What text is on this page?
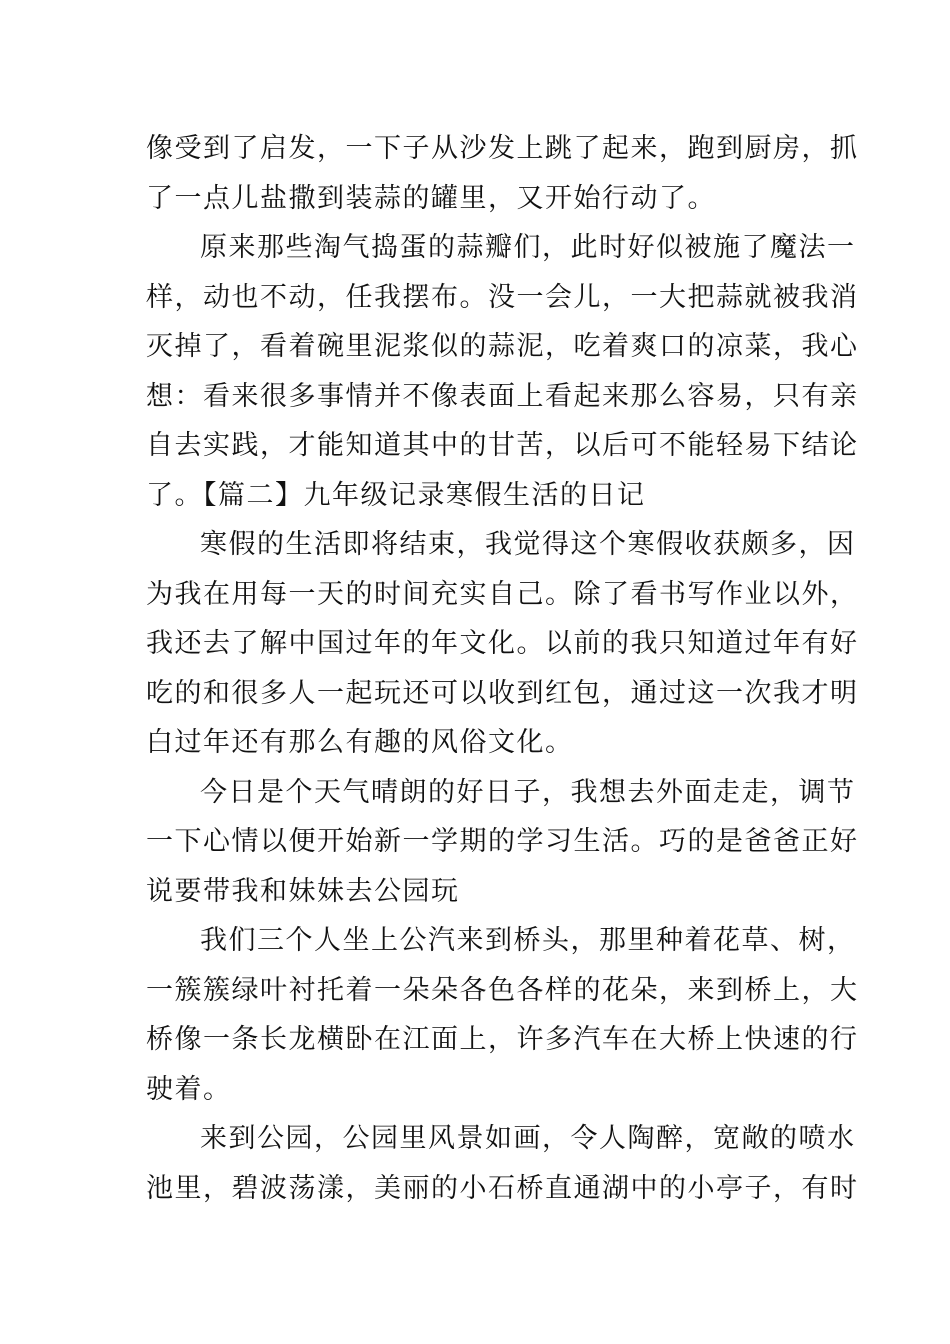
像受到了启发，一下子从沙发上跳了起来，跑到厨房，抓
了一点儿盐撒到装蒜的罐里，又开始行动了。
原来那些淘气捣蛋的蒜瓣们，此时好似被施了魔法一
样，动也不动，任我摆布。没一会儿，一大把蒜就被我消
灭掉了，看着碗里泥浆似的蒜泥，吃着爽口的凉菜，我心
想：看来很多事情并不像表面上看起来那么容易，只有亲
自去实践，才能知道其中的甘苦，以后可不能轻易下结论
了。【篇二】九年级记录寒假生活的日记
寒假的生活即将结束，我觉得这个寒假收获颇多，因
为我在用每一天的时间充实自己。除了看书写作业以外，
我还去了解中国过年的年文化。以前的我只知道过年有好
吃的和很多人一起玩还可以收到红包，通过这一次我才明
白过年还有那么有趣的风俗文化。
今日是个天气晴朗的好日子，我想去外面走走，调节
一下心情以便开始新一学期的学习生活。巧的是爸爸正好
说要带我和妹妹去公园玩
我们三个人坐上公汽来到桥头，那里种着花草、树，
一簇簇绿叶衬托着一朵朵各色各样的花朵，来到桥上，大
桥像一条长龙横卧在江面上，许多汽车在大桥上快速的行
驶着。
来到公园，公园里风景如画，令人陶醉，宽敞的喷水
池里，碧波荡漾，美丽的小石桥直通湖中的小亭子，有时
